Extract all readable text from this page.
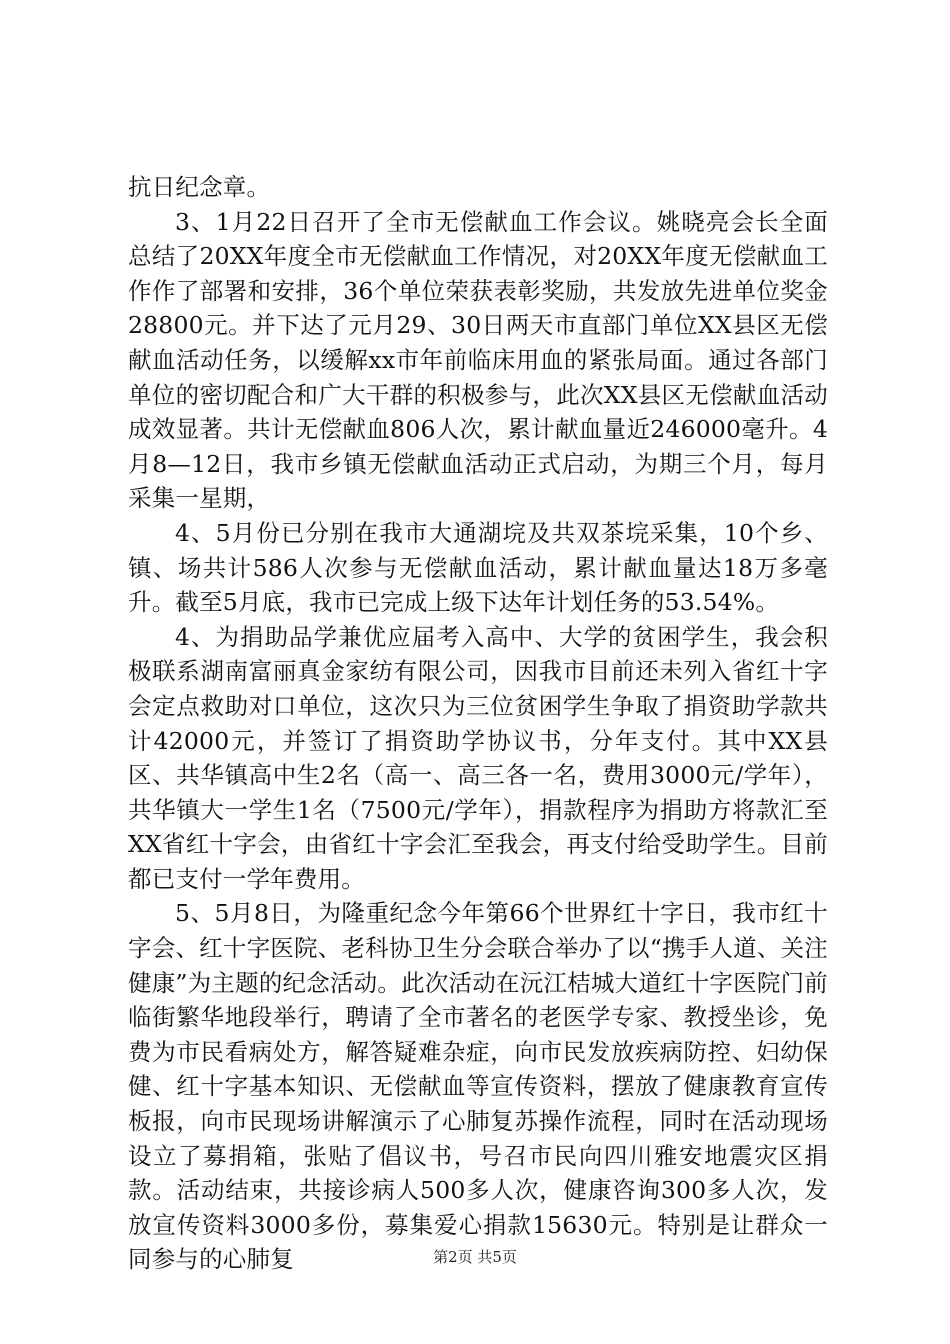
抗日纪念章。

3、1月22日召开了全市无偿献血工作会议。姚晓亮会长全面总结了20XX年度全市无偿献血工作情况，对20XX年度无偿献血工作作了部署和安排，36个单位荣获表彰奖励，共发放先进单位奖金28800元。并下达了元月29、30日两天市直部门单位XX县区无偿献血活动任务，以缓解xx市年前临床用血的紧张局面。通过各部门单位的密切配合和广大干群的积极参与，此次XX县区无偿献血活动成效显著。共计无偿献血806人次，累计献血量近246000毫升。4月8—12日，我市乡镇无偿献血活动正式启动，为期三个月，每月采集一星期，

4、5月份已分别在我市大通湖垸及共双茶垸采集，10个乡、镇、场共计586人次参与无偿献血活动，累计献血量达18万多毫升。截至5月底，我市已完成上级下达年计划任务的53.54%。

4、为捐助品学兼优应届考入高中、大学的贫困学生，我会积极联系湖南富丽真金家纺有限公司，因我市目前还未列入省红十字会定点救助对口单位，这次只为三位贫困学生争取了捐资助学款共计42000元，并签订了捐资助学协议书，分年支付。其中XX县区、共华镇高中生2名（高一、高三各一名，费用3000元/学年），共华镇大一学生1名（7500元/学年），捐款程序为捐助方将款汇至XX省红十字会，由省红十字会汇至我会，再支付给受助学生。目前都已支付一学年费用。

5、5月8日，为隆重纪念今年第66个世界红十字日，我市红十字会、红十字医院、老科协卫生分会联合举办了以“携手人道、关注健康”为主题的纪念活动。此次活动在沅江桔城大道红十字医院门前临街繁华地段举行，聘请了全市著名的老医学专家、教授坐诊，免费为市民看病处方，解答疑难杂症，向市民发放疾病防控、妇幼保健、红十字基本知识、无偿献血等宣传资料，摆放了健康教育宣传板报，向市民现场讲解演示了心肺复苏操作流程，同时在活动现场设立了募捐箱，张贴了倡议书，号召市民向四川雅安地震灾区捐款。活动结束，共接诊病人500多人次，健康咨询300多人次，发放宣传资料3000多份，募集爱心捐款15630元。特别是让群众一同参与的心肺复	第2页 共5页
